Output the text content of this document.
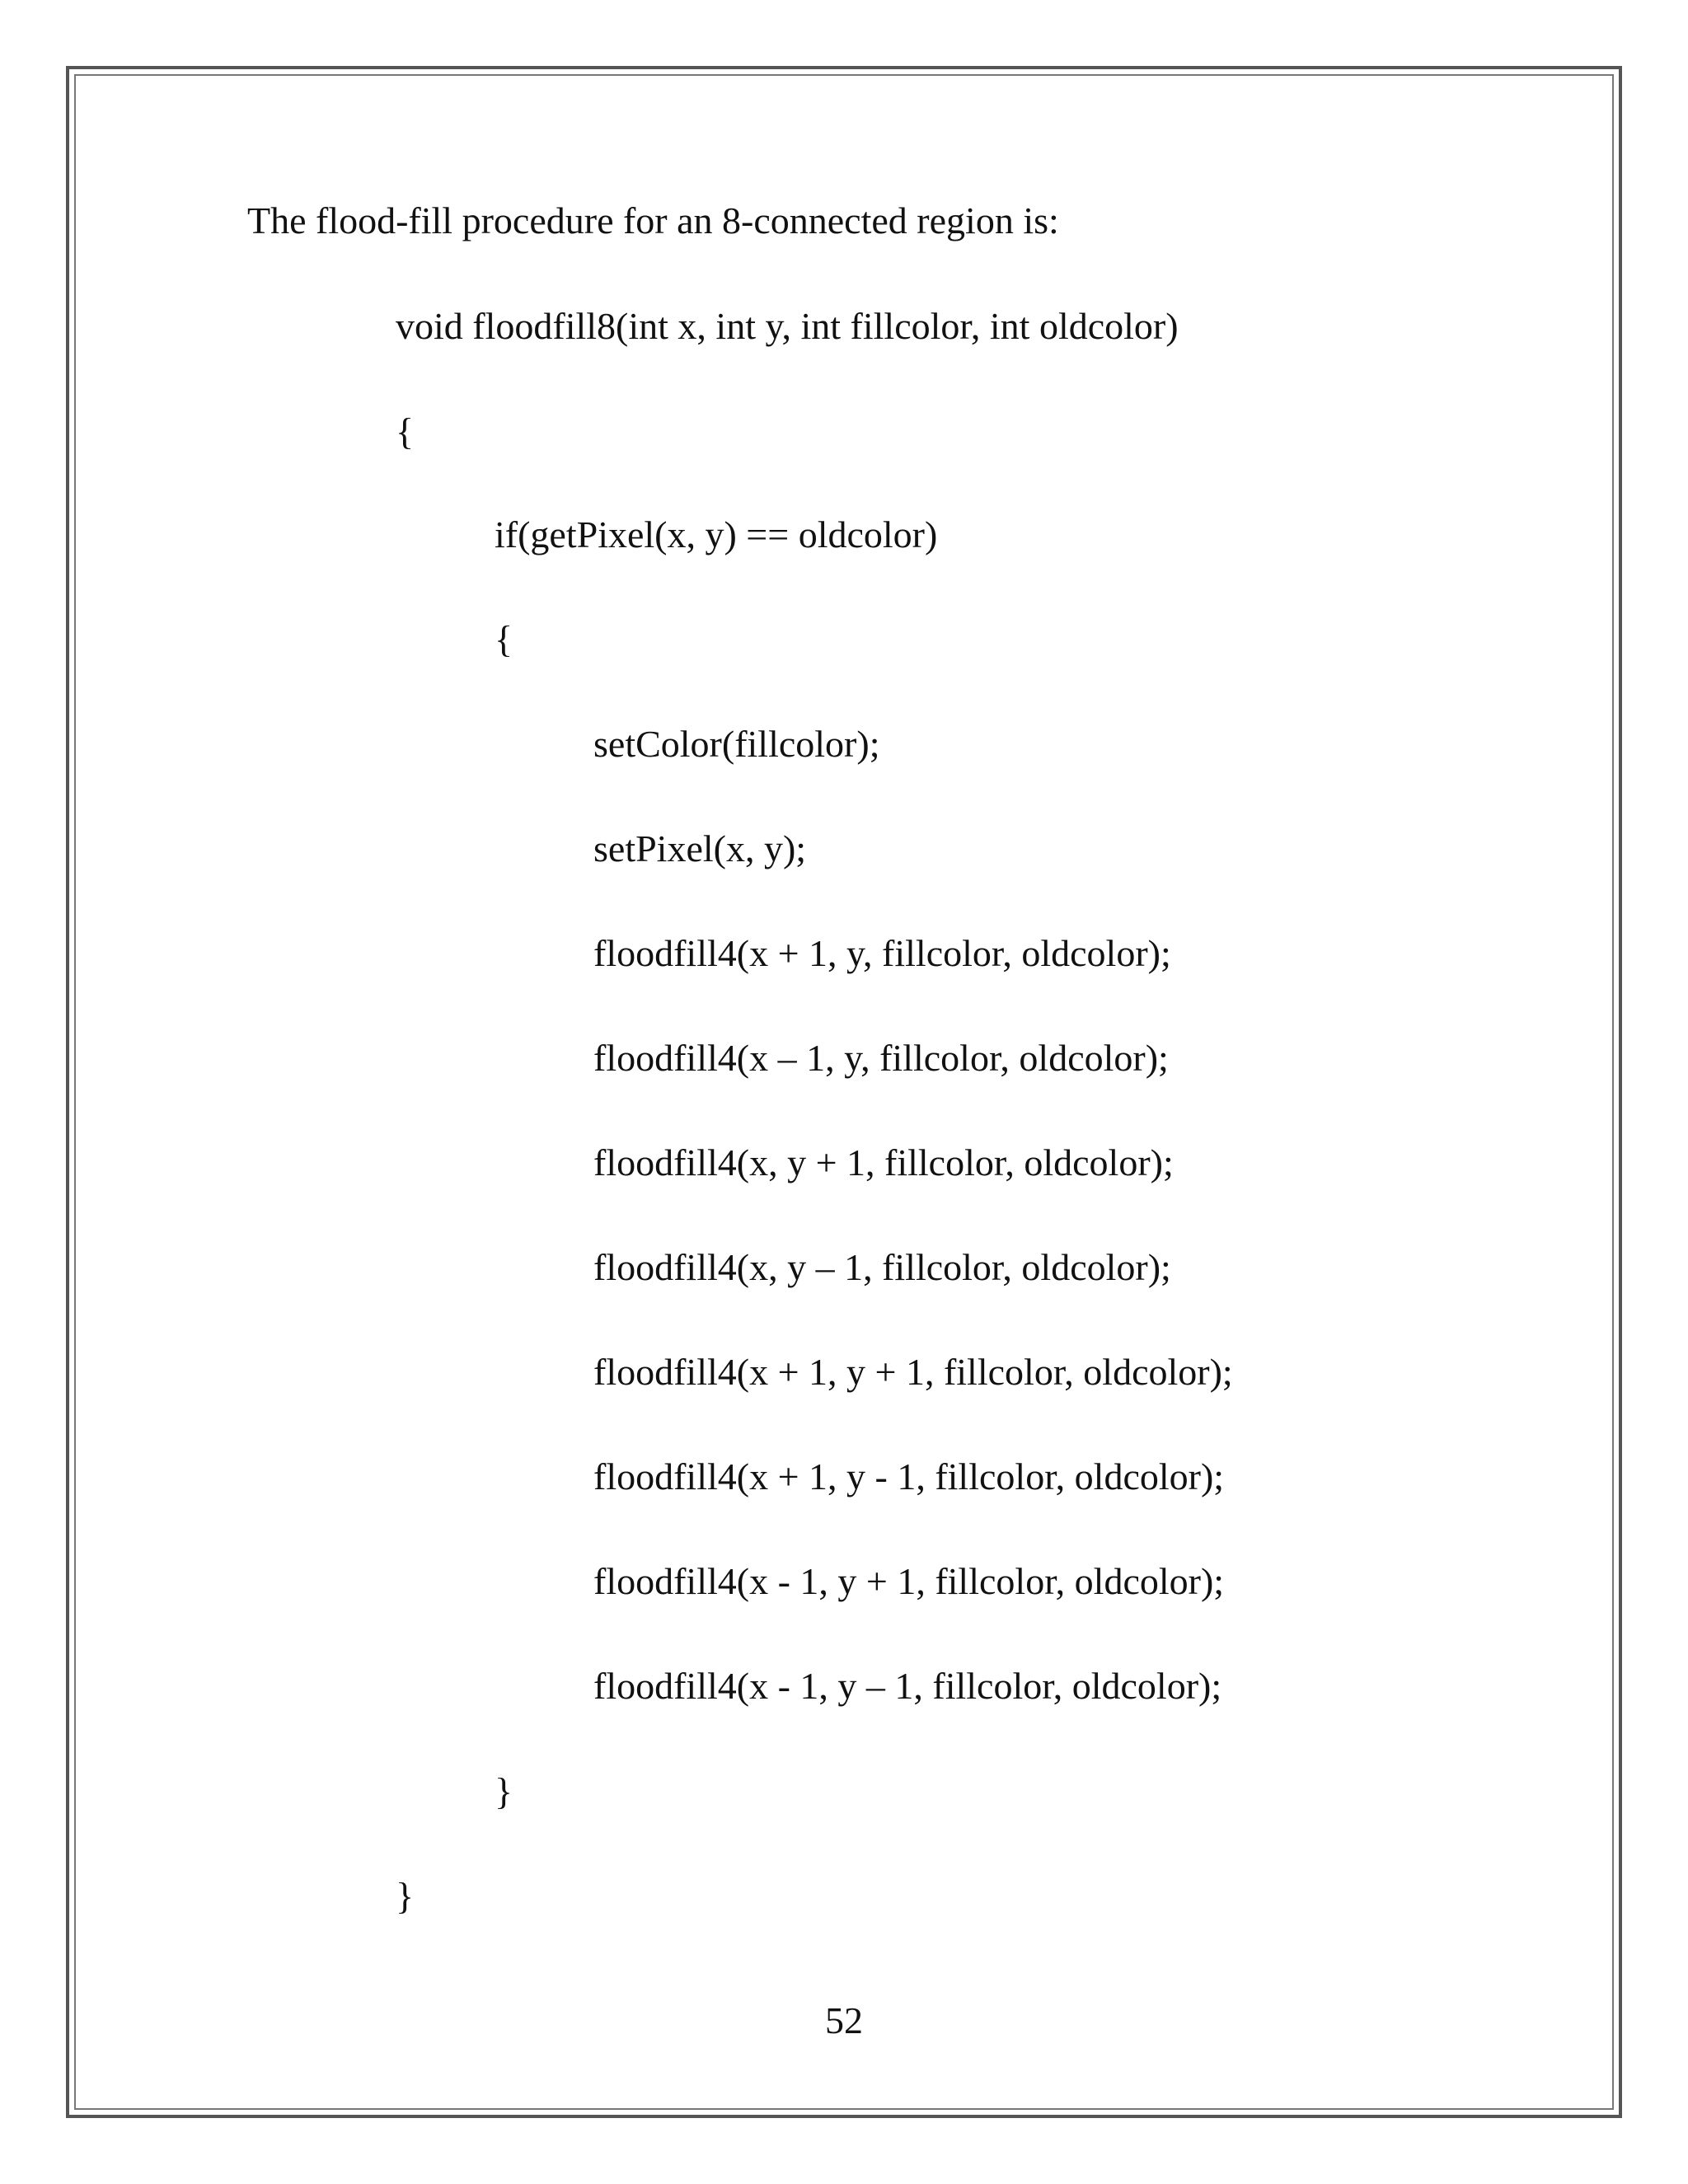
The flood-fill procedure for an 8-connected region is:
void floodfill8(int x, int y, int fillcolor, int oldcolor)
{
if(getPixel(x, y) == oldcolor)
{
setColor(fillcolor);
setPixel(x, y);
floodfill4(x + 1, y, fillcolor, oldcolor);
floodfill4(x – 1, y, fillcolor, oldcolor);
floodfill4(x, y + 1, fillcolor, oldcolor);
floodfill4(x, y – 1, fillcolor, oldcolor);
floodfill4(x + 1, y + 1, fillcolor, oldcolor);
floodfill4(x + 1, y - 1, fillcolor, oldcolor);
floodfill4(x - 1, y + 1, fillcolor, oldcolor);
floodfill4(x - 1, y – 1, fillcolor, oldcolor);
}
}
52
